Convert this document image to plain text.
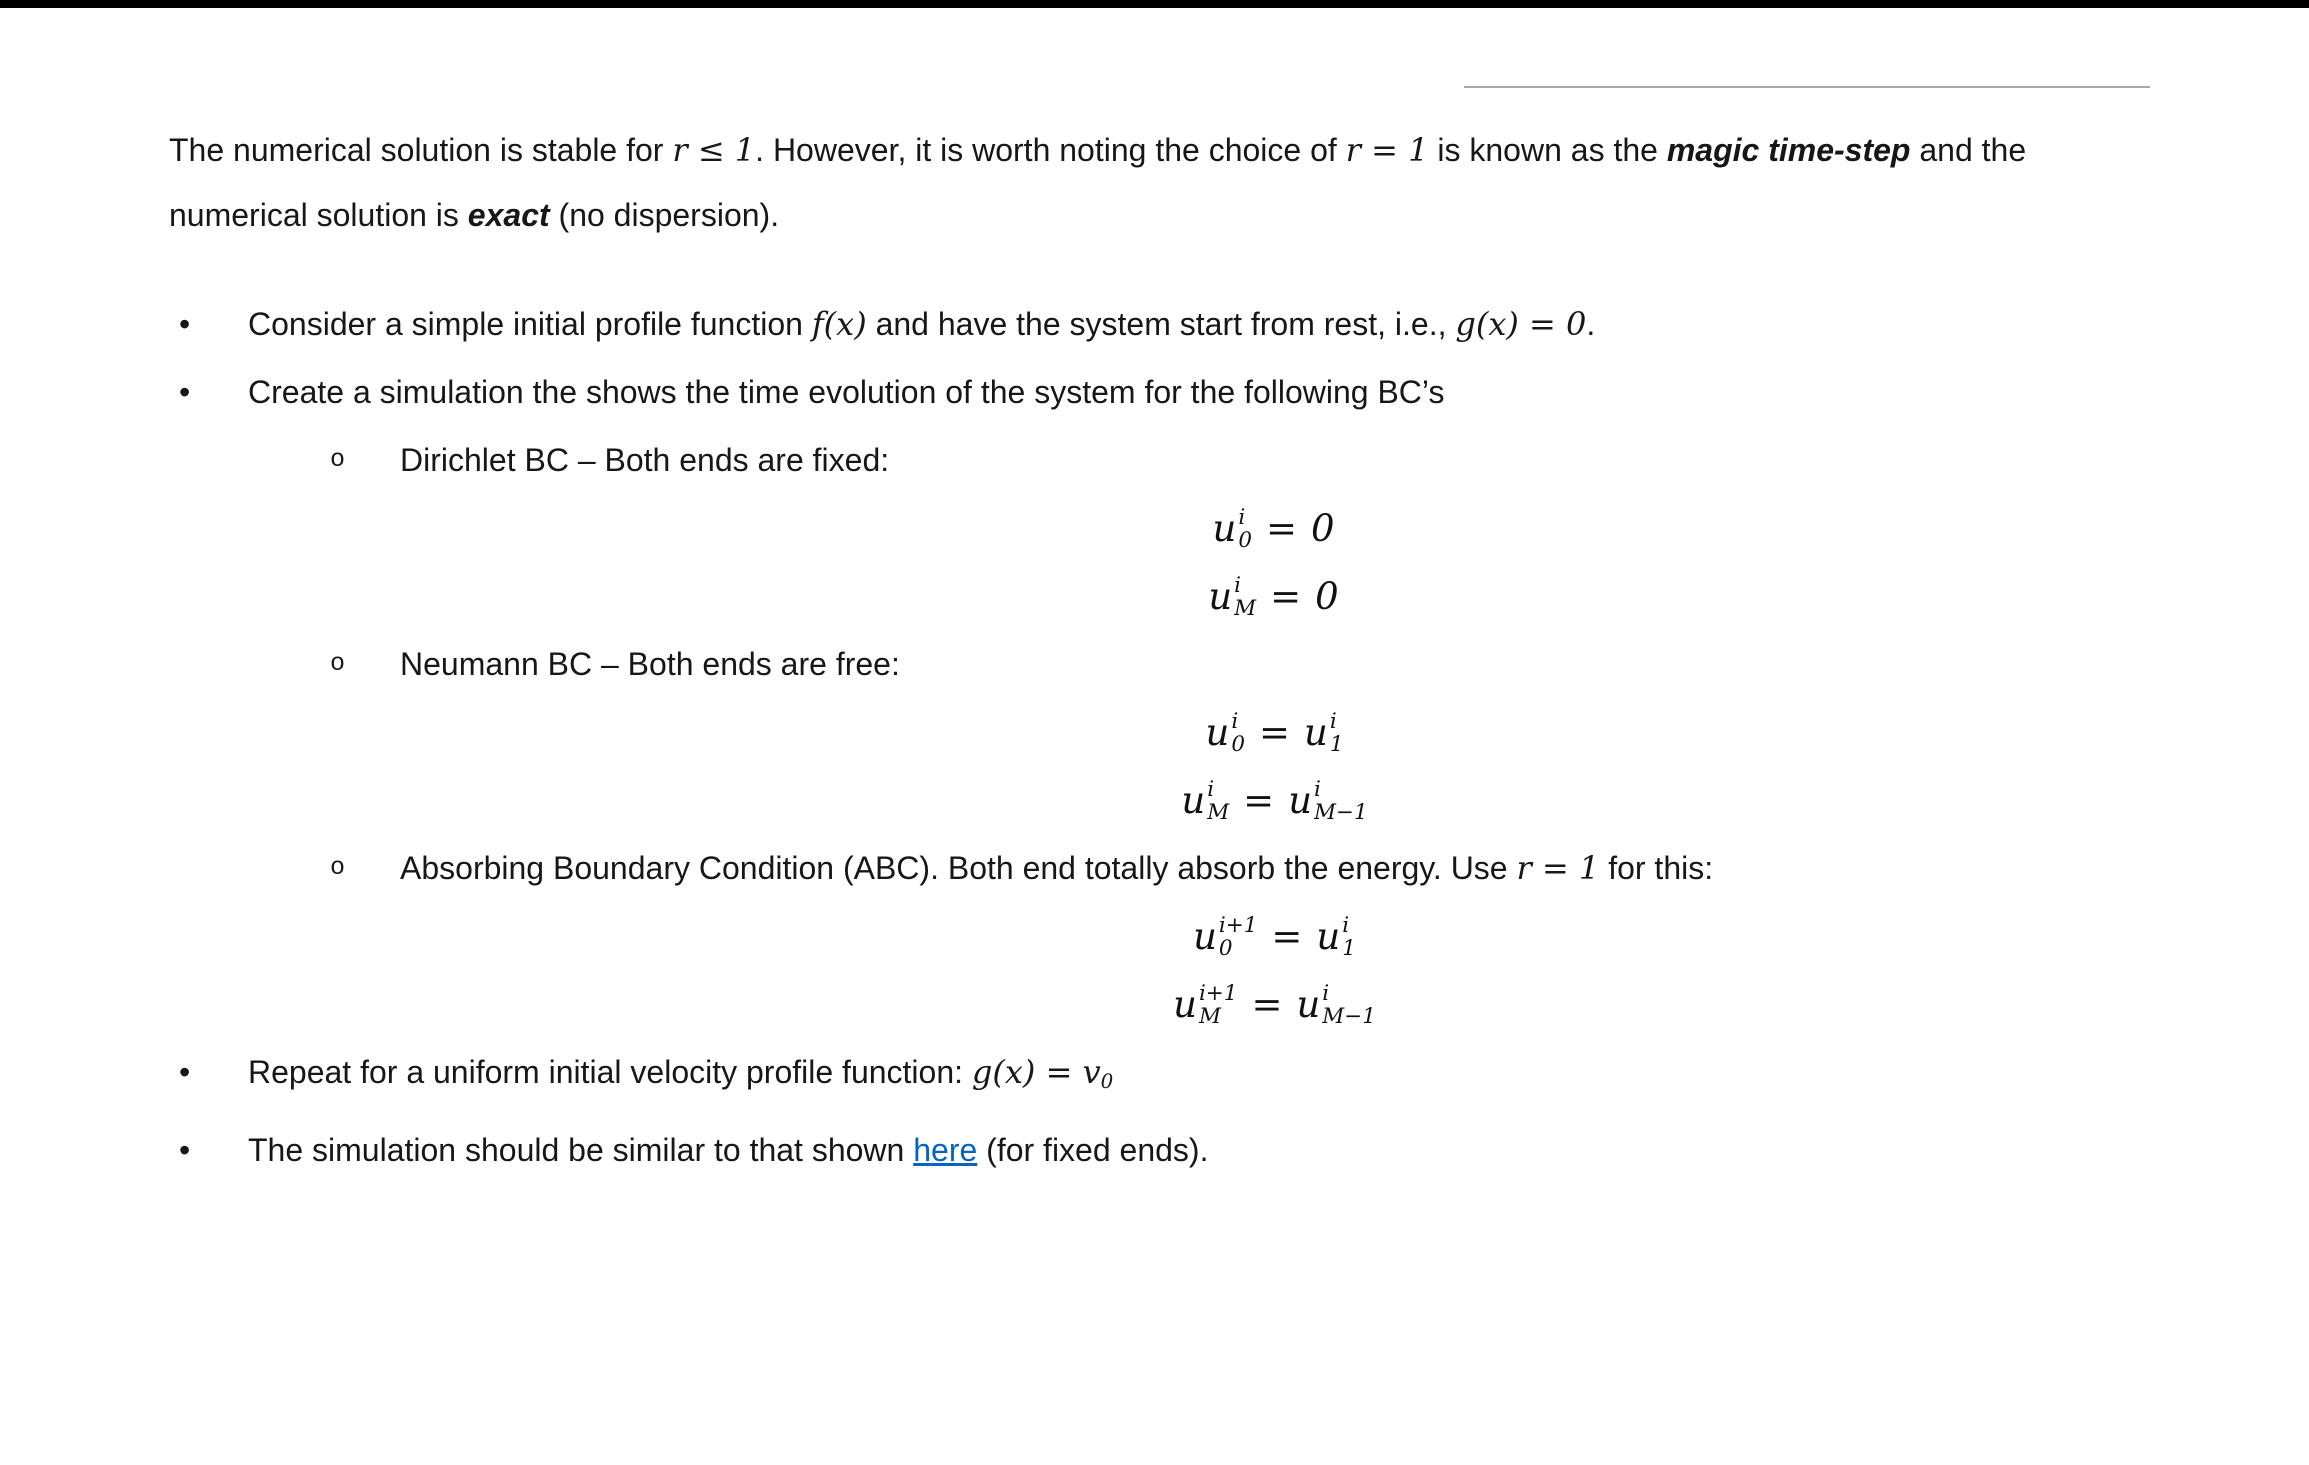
The numerical solution is stable for r ≤ 1. However, it is worth noting the choice of r = 1 is known as the magic time-step and the numerical solution is exact (no dispersion).

•	Consider a simple initial profile function f(x) and have the system start from rest, i.e., g(x) = 0.
•	Create a simulation the shows the time evolution of the system for the following BC’s
o	Dirichlet BC – Both ends are fixed:
u i
0 = 0
u i
M = 0
o	Neumann BC – Both ends are free:
u i
0 = u i
1
u i
M = u i
M−1
o	Absorbing Boundary Condition (ABC). Both end totally absorb the energy. Use r = 1 for this:
u i+1
0	= u i
1
u i+1
M = u i
M−1
•	Repeat for a uniform initial velocity profile function: g(x) = v0
•	The simulation should be similar to that shown here (for fixed ends).
